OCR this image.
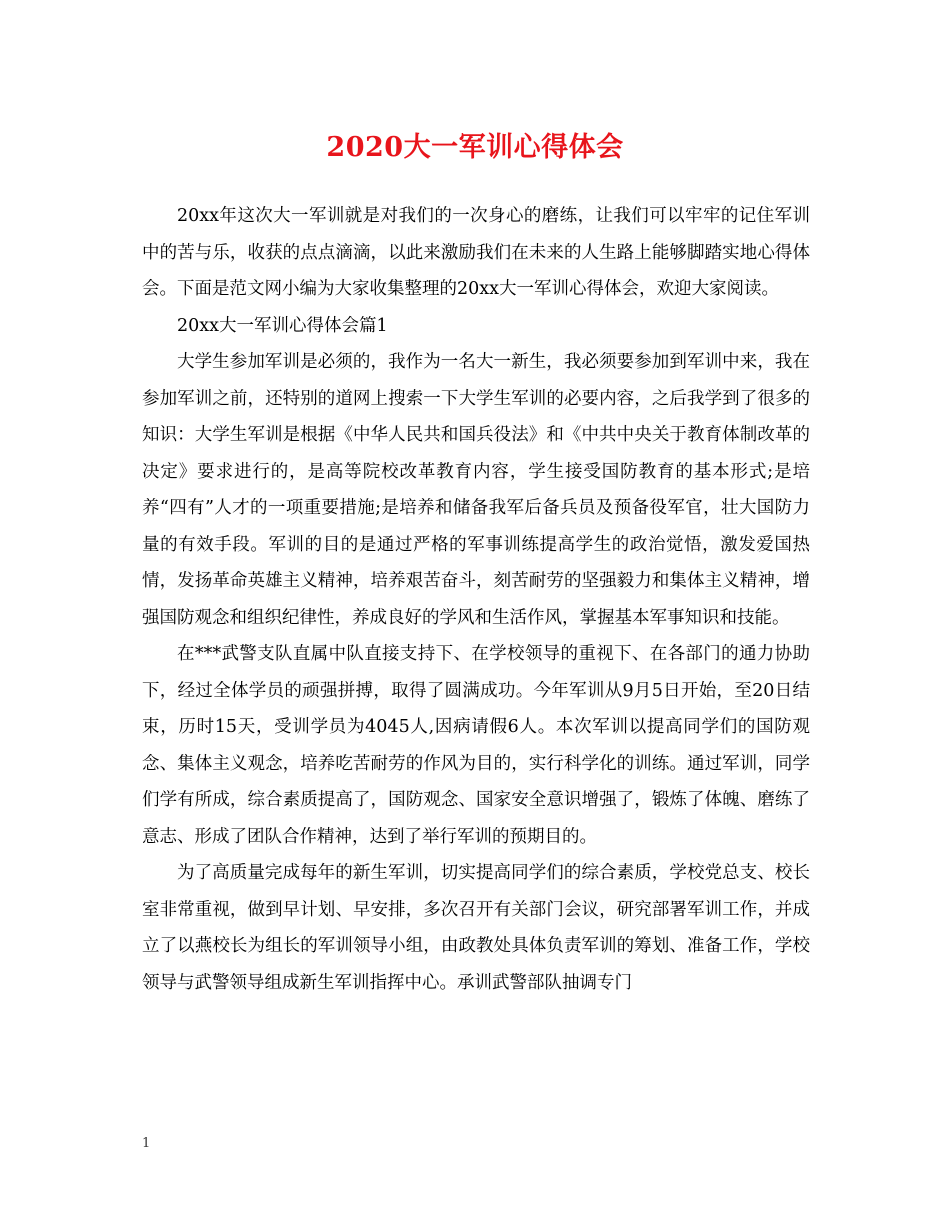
2020大一军训心得体会

20xx年这次大一军训就是对我们的一次身心的磨练，让我们可以牢牢的记住军训中的苦与乐，收获的点点滴滴，以此来激励我们在未来的人生路上能够脚踏实地心得体会。下面是范文网小编为大家收集整理的20xx大一军训心得体会，欢迎大家阅读。

20xx大一军训心得体会篇1

大学生参加军训是必须的，我作为一名大一新生，我必须要参加到军训中来，我在参加军训之前，还特别的道网上搜索一下大学生军训的必要内容，之后我学到了很多的知识：大学生军训是根据《中华人民共和国兵役法》和《中共中央关于教育体制改革的决定》要求进行的，是高等院校改革教育内容，学生接受国防教育的基本形式;是培养“四有”人才的一项重要措施;是培养和储备我军后备兵员及预备役军官，壮大国防力量的有效手段。军训的目的是通过严格的军事训练提高学生的政治觉悟，激发爱国热情，发扬革命英雄主义精神，培养艰苦奋斗，刻苦耐劳的坚强毅力和集体主义精神，增强国防观念和组织纪律性，养成良好的学风和生活作风，掌握基本军事知识和技能。

在***武警支队直属中队直接支持下、在学校领导的重视下、在各部门的通力协助下，经过全体学员的顽强拼搏，取得了圆满成功。今年军训从9月5日开始，至20日结束，历时15天，受训学员为4045人,因病请假6人。本次军训以提高同学们的国防观念、集体主义观念，培养吃苦耐劳的作风为目的，实行科学化的训练。通过军训，同学们学有所成，综合素质提高了，国防观念、国家安全意识增强了，锻炼了体魄、磨练了意志、形成了团队合作精神，达到了举行军训的预期目的。

为了高质量完成每年的新生军训，切实提高同学们的综合素质，学校党总支、校长室非常重视，做到早计划、早安排，多次召开有关部门会议，研究部署军训工作，并成立了以燕校长为组长的军训领导小组，由政教处具体负责军训的筹划、准备工作，学校领导与武警领导组成新生军训指挥中心。承训武警部队抽调专门

1
